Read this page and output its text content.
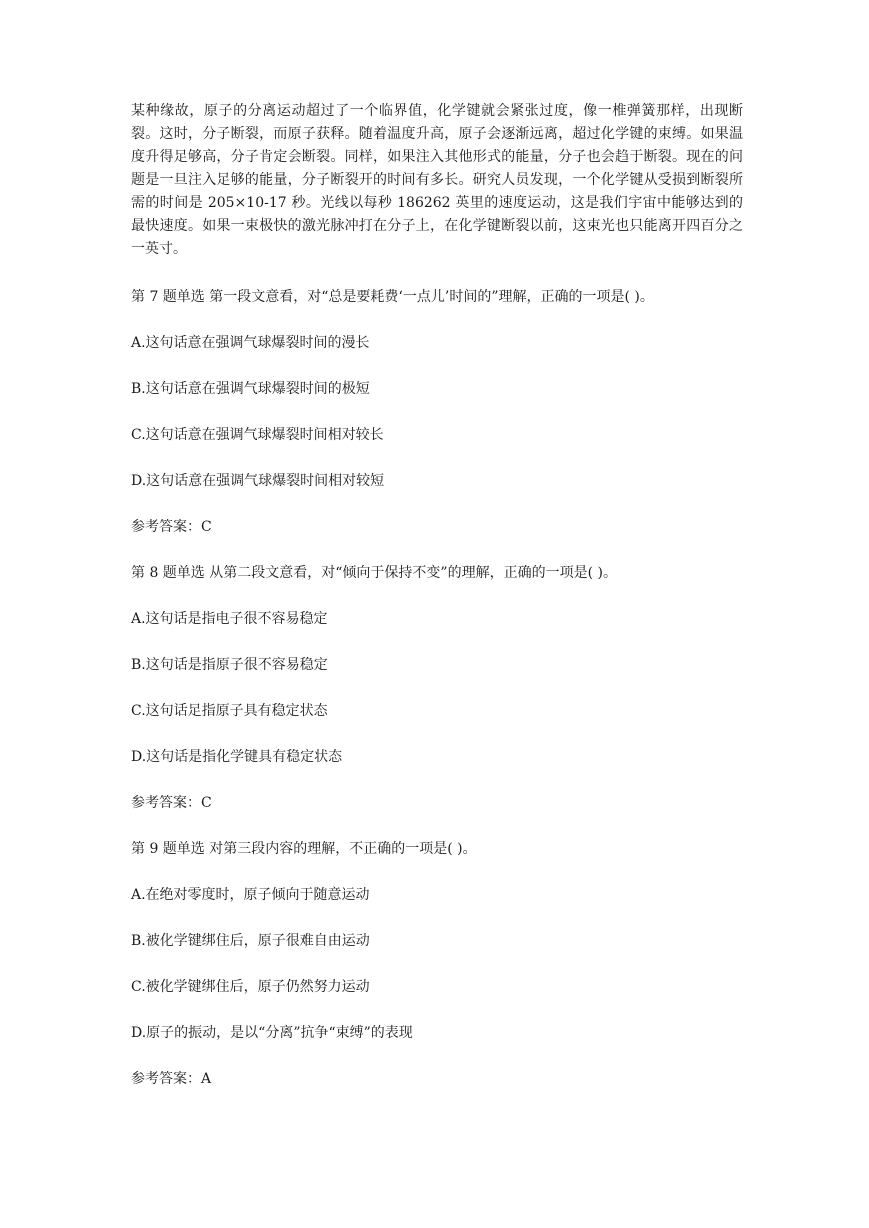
某种缘故，原子的分离运动超过了一个临界值，化学键就会紧张过度，像一椎弹簧那样，出现断裂。这时，分子断裂，而原子获释。随着温度升高，原子会逐渐远离，超过化学键的束缚。如果温度升得足够高，分子肯定会断裂。同样，如果注入其他形式的能量，分子也会趋于断裂。现在的问题是一旦注入足够的能量，分子断裂开的时间有多长。研究人员发现，一个化学键从受损到断裂所需的时间是 205×10-17 秒。光线以每秒 186262 英里的速度运动，这是我们宇宙中能够达到的最快速度。如果一束极快的激光脉冲打在分子上，在化学键断裂以前，这束光也只能离开四百分之一英寸。

第 7 题单选 第一段文意看，对“总是要耗费‘一点儿’时间的”理解，正确的一项是( )。

A.这句话意在强调气球爆裂时间的漫长

B.这句话意在强调气球爆裂时间的极短

C.这句话意在强调气球爆裂时间相对较长

D.这句话意在强调气球爆裂时间相对较短

参考答案：C

第 8 题单选 从第二段文意看，对“倾向于保持不变”的理解，正确的一项是( )。

A.这句话是指电子很不容易稳定

B.这句话是指原子很不容易稳定

C.这句话足指原子具有稳定状态

D.这句话是指化学键具有稳定状态

参考答案：C

第 9 题单选 对第三段内容的理解，不正确的一项是( )。

A.在绝对零度时，原子倾向于随意运动

B.被化学键绑住后，原子很难自由运动

C.被化学键绑住后，原子仍然努力运动

D.原子的振动，是以“分离”抗争“束缚”的表现

参考答案：A
